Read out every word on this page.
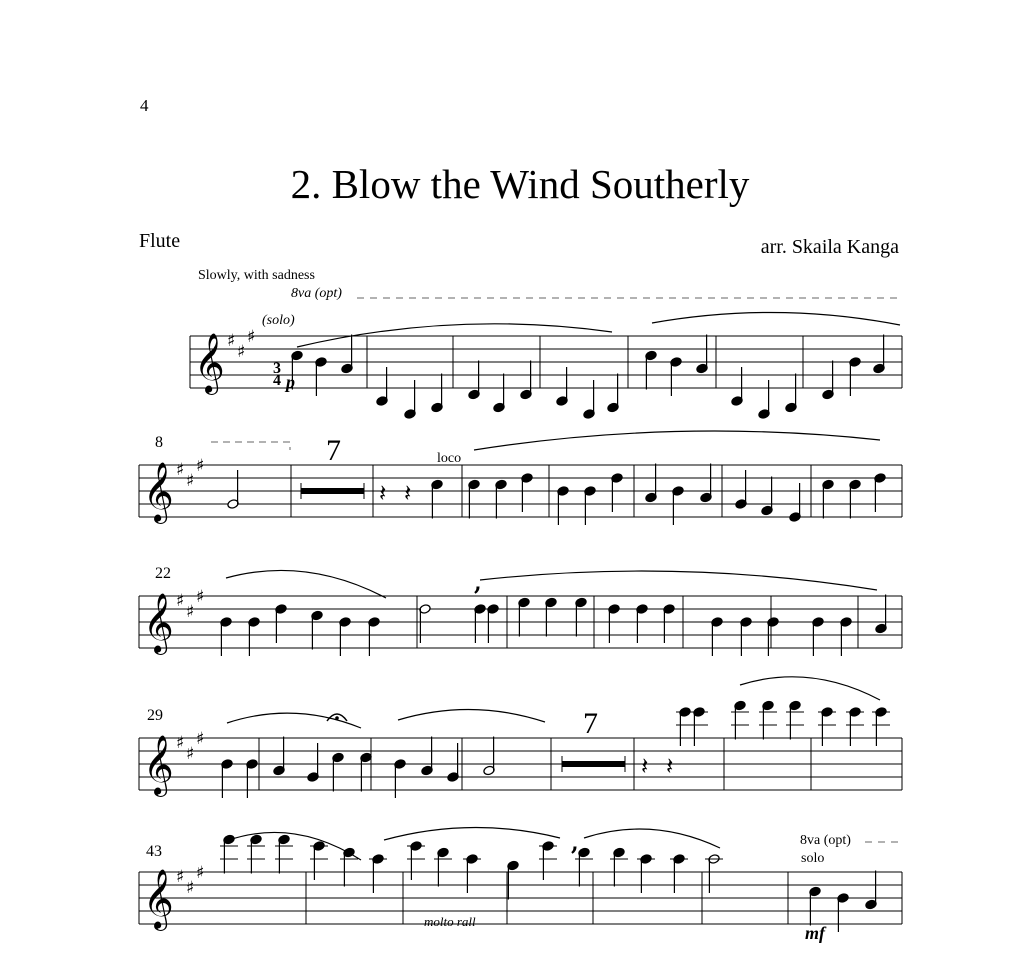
4
2. Blow the Wind Southerly
Flute	arr. Skaila Kanga
Slowly, with sadness
8va (opt)
(solo)
p
3
4
8	7	loco
22
29	7
43
molto rall
8va (opt)
solo
mf
𝄞 ♯
♯
♯
𝄞 ♯
♯
♯
𝄽 𝄽
𝄞 ♯
♯
♯
𝄞 ♯
♯
♯
𝄽 𝄽
𝄞 ♯
♯
♯
,
,
